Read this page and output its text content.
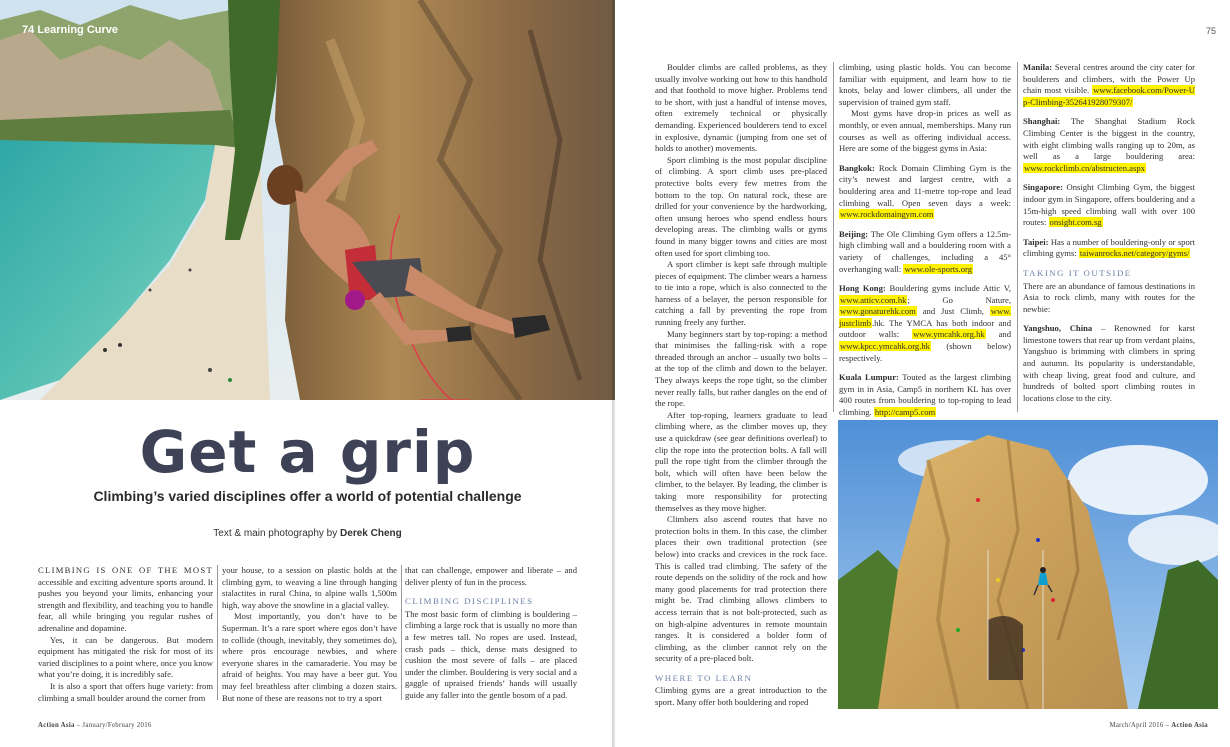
74 Learning Curve
Get a grip
Climbing’s varied disciplines offer a world of potential challenge
Text & main photography by Derek Cheng

CLIMBING IS ONE OF THE MOST accessible and exciting adventure sports around. It pushes you beyond your limits, enhancing your strength and flexibility, and teaching you to handle fear, all while bringing you regular rushes of adrenaline and dopamine.

Yes, it can be dangerous. But modern equipment has mitigated the risk for most of its varied disciplines to a point where, once you know what you’re doing, it is incredibly safe.

It is also a sport that offers huge variety: from climbing a small boulder around the corner from

your house, to a session on plastic holds at the climbing gym, to weaving a line through hanging stalactites in rural China, to alpine walls 1,500m high, way above the snowline in a glacial valley.

Most importantly, you don’t have to be Superman. It’s a rare sport where egos don’t have to collide (though, inevitably, they sometimes do), where pros encourage newbies, and where everyone shares in the camaraderie. You may be afraid of heights. You may have a beer gut. You may feel breathless after climbing a dozen stairs. But none of these are reasons not to try a sport

that can challenge, empower and liberate – and deliver plenty of fun in the process.

CLIMBING DISCIPLINES

The most basic form of climbing is bouldering – climbing a large rock that is usually no more than a few metres tall. No ropes are used. Instead, crash pads – thick, dense mats designed to cushion the most severe of falls – are placed under the climber. Bouldering is very social and a gaggle of upraised friends’ hands will usually guide any faller into the gentle bosom of a pad.

Action Asia – January/February 2016
75

Boulder climbs are called problems, as they usually involve working out how to this handhold and that foothold to move higher. Problems tend to be short, with just a handful of intense moves, often extremely technical or physically demanding. Experienced boulderers tend to excel in explosive, dynamic (jumping from one set of holds to another) movements.

Sport climbing is the most popular discipline of climbing. A sport climb uses pre-placed protective bolts every few metres from the bottom to the top. On natural rock, these are drilled for your convenience by the hardworking, often unsung heroes who spend endless hours developing areas. The climbing walls or gyms found in many bigger towns and cities are most often used for sport climbing too.

A sport climber is kept safe through multiple pieces of equipment. The climber wears a harness to tie into a rope, which is also connected to the harness of a belayer, the person responsible for catching a fall by preventing the rope from running freely any further.

Many beginners start by top-roping: a method that minimises the falling-risk with a rope threaded through an anchor – usually two bolts – at the top of the climb and down to the belayer. They always keeps the rope tight, so the climber never really falls, but rather dangles on the end of the rope.

After top-roping, learners graduate to lead climbing where, as the climber moves up, they use a quickdraw (see gear definitions overleaf) to clip the rope into the protection bolts. A fall will pull the rope tight from the climber through the bolt, which will often have been below the climber, to the belayer. By leading, the climber is taking more responsibility for protecting themselves as they move higher.

Climbers also ascend routes that have no protection bolts in them. In this case, the climber places their own traditional protection (see below) into cracks and crevices in the rock face. This is called trad climbing. The safety of the route depends on the solidity of the rock and how many good placements for trad protection there might be. Trad climbing allows climbers to access terrain that is not bolt-protected, such as on high-alpine adventures in remote mountain ranges. It is considered a bolder form of climbing, as the climber cannot rely on the security of a pre-placed bolt.

WHERE TO LEARN

Climbing gyms are a great introduction to the sport. Many offer both bouldering and roped

climbing, using plastic holds. You can become familiar with equipment, and learn how to tie knots, belay and lower climbers, all under the supervision of trained gym staff.

Most gyms have drop-in prices as well as monthly, or even annual, memberships. Many run courses as well as offering individual access. Here are some of the biggest gyms in Asia:

Bangkok: Rock Domain Climbing Gym is the city’s newest and largest centre, with a bouldering area and 11-metre top-rope and lead climbing wall. Open seven days a week: www.rockdomaingym.com

Beijing: The Ole Climbing Gym offers a 12.5m-high climbing wall and a bouldering room with a variety of challenges, including a 45° overhanging wall: www.ole-sports.org

Hong Kong: Bouldering gyms include Attic V, www.atticv.com.hk; Go Nature, www.gonaturehk.com and Just Climb, www. justclimb.hk. The YMCA has both indoor and outdoor walls: www.ymcahk.org.hk and www.kpcc.ymcahk.org.hk (shown below) respectively.

Kuala Lumpur: Touted as the largest climbing gym in in Asia, Camp5 in northern KL has over 400 routes from bouldering to top-roping to lead climbing. http://camp5.com

Manila: Several centres around the city cater for boulderers and climbers, with the Power Up chain most visible. www.facebook.com/Power-Up-Climbing-352641928079307/

Shanghai: The Shanghai Stadium Rock Climbing Center is the biggest in the country, with eight climbing walls ranging up to 20m, as well as a large bouldering area: www.rockclimb.cn/abstructen.aspx

Singapore: Onsight Climbing Gym, the biggest indoor gym in Singapore, offers bouldering and a 15m-high speed climbing wall with over 100 routes: onsight.com.sg

Taipei: Has a number of bouldering-only or sport climbing gyms: taiwanrocks.net/category/gyms/

TAKING IT OUTSIDE

There are an abundance of famous destinations in Asia to rock climb, many with routes for the newbie:

Yangshuo, China – Renowned for karst limestone towers that rear up from verdant plains, Yangshuo is brimming with climbers in spring and autumn. Its popularity is understandable, with cheap living, great food and culture, and hundreds of bolted sport climbing routes in locations close to the city.

March/April 2016 – Action Asia
